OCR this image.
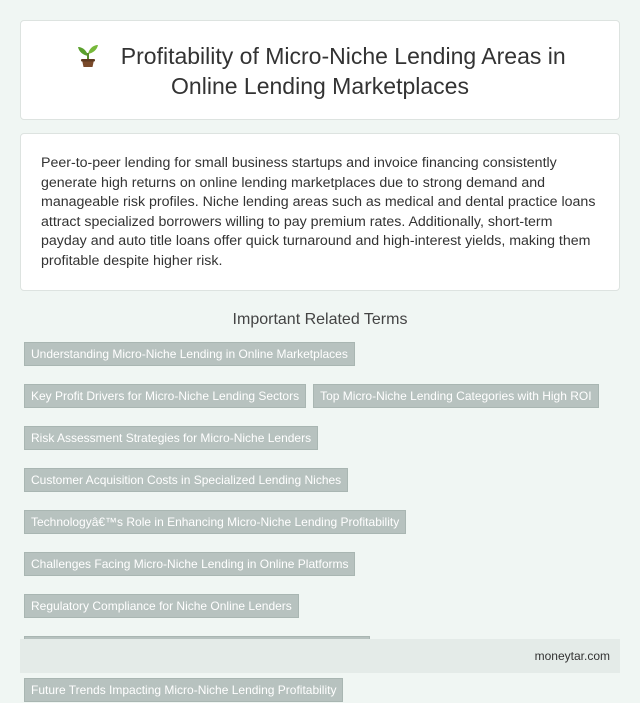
Profitability of Micro-Niche Lending Areas in Online Lending Marketplaces

Peer-to-peer lending for small business startups and invoice financing consistently generate high returns on online lending marketplaces due to strong demand and manageable risk profiles. Niche lending areas such as medical and dental practice loans attract specialized borrowers willing to pay premium rates. Additionally, short-term payday and auto title loans offer quick turnaround and high-interest yields, making them profitable despite higher risk.

Important Related Terms
Understanding Micro-Niche Lending in Online Marketplaces
Key Profit Drivers for Micro-Niche Lending Sectors	Top Micro-Niche Lending Categories with High ROI
Risk Assessment Strategies for Micro-Niche Lenders
Customer Acquisition Costs in Specialized Lending Niches
Technologyâ€™s Role in Enhancing Micro-Niche Lending Profitability
Challenges Facing Micro-Niche Lending in Online Platforms
Regulatory Compliance for Niche Online Lenders
Future Trends Impacting Micro-Niche Lending Profitability
moneytar.com
